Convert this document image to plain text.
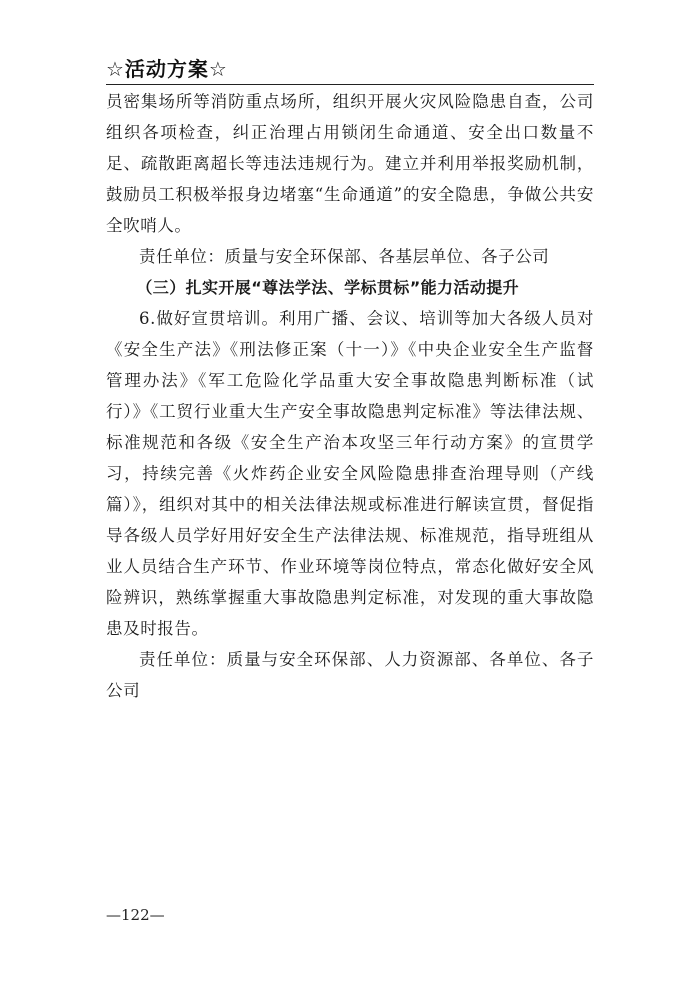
☆活动方案☆

员密集场所等消防重点场所，组织开展火灾风险隐患自查，公司组织各项检查，纠正治理占用锁闭生命通道、安全出口数量不足、疏散距离超长等违法违规行为。建立并利用举报奖励机制，鼓励员工积极举报身边堵塞“生命通道”的安全隐患，争做公共安全吹哨人。

责任单位：质量与安全环保部、各基层单位、各子公司

（三）扎实开展“尊法学法、学标贯标”能力活动提升

6.做好宣贯培训。利用广播、会议、培训等加大各级人员对《安全生产法》《刑法修正案（十一）》《中央企业安全生产监督管理办法》《军工危险化学品重大安全事故隐患判断标准（试行）》《工贸行业重大生产安全事故隐患判定标准》等法律法规、标准规范和各级《安全生产治本攻坚三年行动方案》的宣贯学习，持续完善《火炸药企业安全风险隐患排查治理导则（产线篇）》，组织对其中的相关法律法规或标准进行解读宣贯，督促指导各级人员学好用好安全生产法律法规、标准规范，指导班组从业人员结合生产环节、作业环境等岗位特点，常态化做好安全风险辨识，熟练掌握重大事故隐患判定标准，对发现的重大事故隐患及时报告。

责任单位：质量与安全环保部、人力资源部、各单位、各子公司

—122—
